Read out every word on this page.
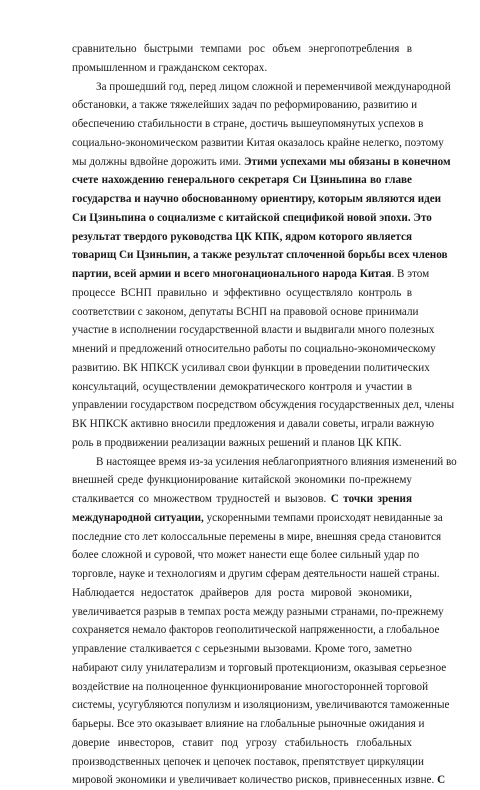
сравнительно быстрыми темпами рос объем энергопотребления в
промышленном и гражданском секторах.
За прошедший год, перед лицом сложной и переменчивой международной
обстановки, а также тяжелейших задач по реформированию, развитию и
обеспечению стабильности в стране, достичь вышеупомянутых успехов в
социально-экономическом развитии Китая оказалось крайне нелегко, поэтому
мы должны вдвойне дорожить ими. Этими успехами мы обязаны в конечном
счете нахождению генерального секретаря Си Цзиньпина во главе
государства и научно обоснованному ориентиру, которым являются идеи
Си Цзиньпина о социализме с китайской спецификой новой эпохи. Это
результат твердого руководства ЦК КПК, ядром которого является
товарищ Си Цзиньпин, а также результат сплоченной борьбы всех членов
партии, всей армии и всего многонационального народа Китая. В этом
процессе ВСНП правильно и эффективно осуществляло контроль в
соответствии с законом, депутаты ВСНП на правовой основе принимали
участие в исполнении государственной власти и выдвигали много полезных
мнений и предложений относительно работы по социально-экономическому
развитию. ВК НПКСК усиливал свои функции в проведении политических
консультаций, осуществлении демократического контроля и участии в
управлении государством посредством обсуждения государственных дел, члены
ВК НПКСК активно вносили предложения и давали советы, играли важную
роль в продвижении реализации важных решений и планов ЦК КПК.
В настоящее время из-за усиления неблагоприятного влияния изменений во
внешней среде функционирование китайской экономики по-прежнему
сталкивается со множеством трудностей и вызовов. С точки зрения
международной ситуации, ускоренными темпами происходят невиданные за
последние сто лет колоссальные перемены в мире, внешняя среда становится
более сложной и суровой, что может нанести еще более сильный удар по
торговле, науке и технологиям и другим сферам деятельности нашей страны.
Наблюдается недостаток драйверов для роста мировой экономики,
увеличивается разрыв в темпах роста между разными странами, по-прежнему
сохраняется немало факторов геополитической напряженности, а глобальное
управление сталкивается с серьезными вызовами. Кроме того, заметно
набирают силу унилатерализм и торговый протекционизм, оказывая серьезное
воздействие на полноценное функционирование многосторонней торговой
системы, усугубляются популизм и изоляционизм, увеличиваются таможенные
барьеры. Все это оказывает влияние на глобальные рыночные ожидания и
доверие инвесторов, ставит под угрозу стабильность глобальных
производственных цепочек и цепочек поставок, препятствует циркуляции
мировой экономики и увеличивает количество рисков, привнесенных извне. С
